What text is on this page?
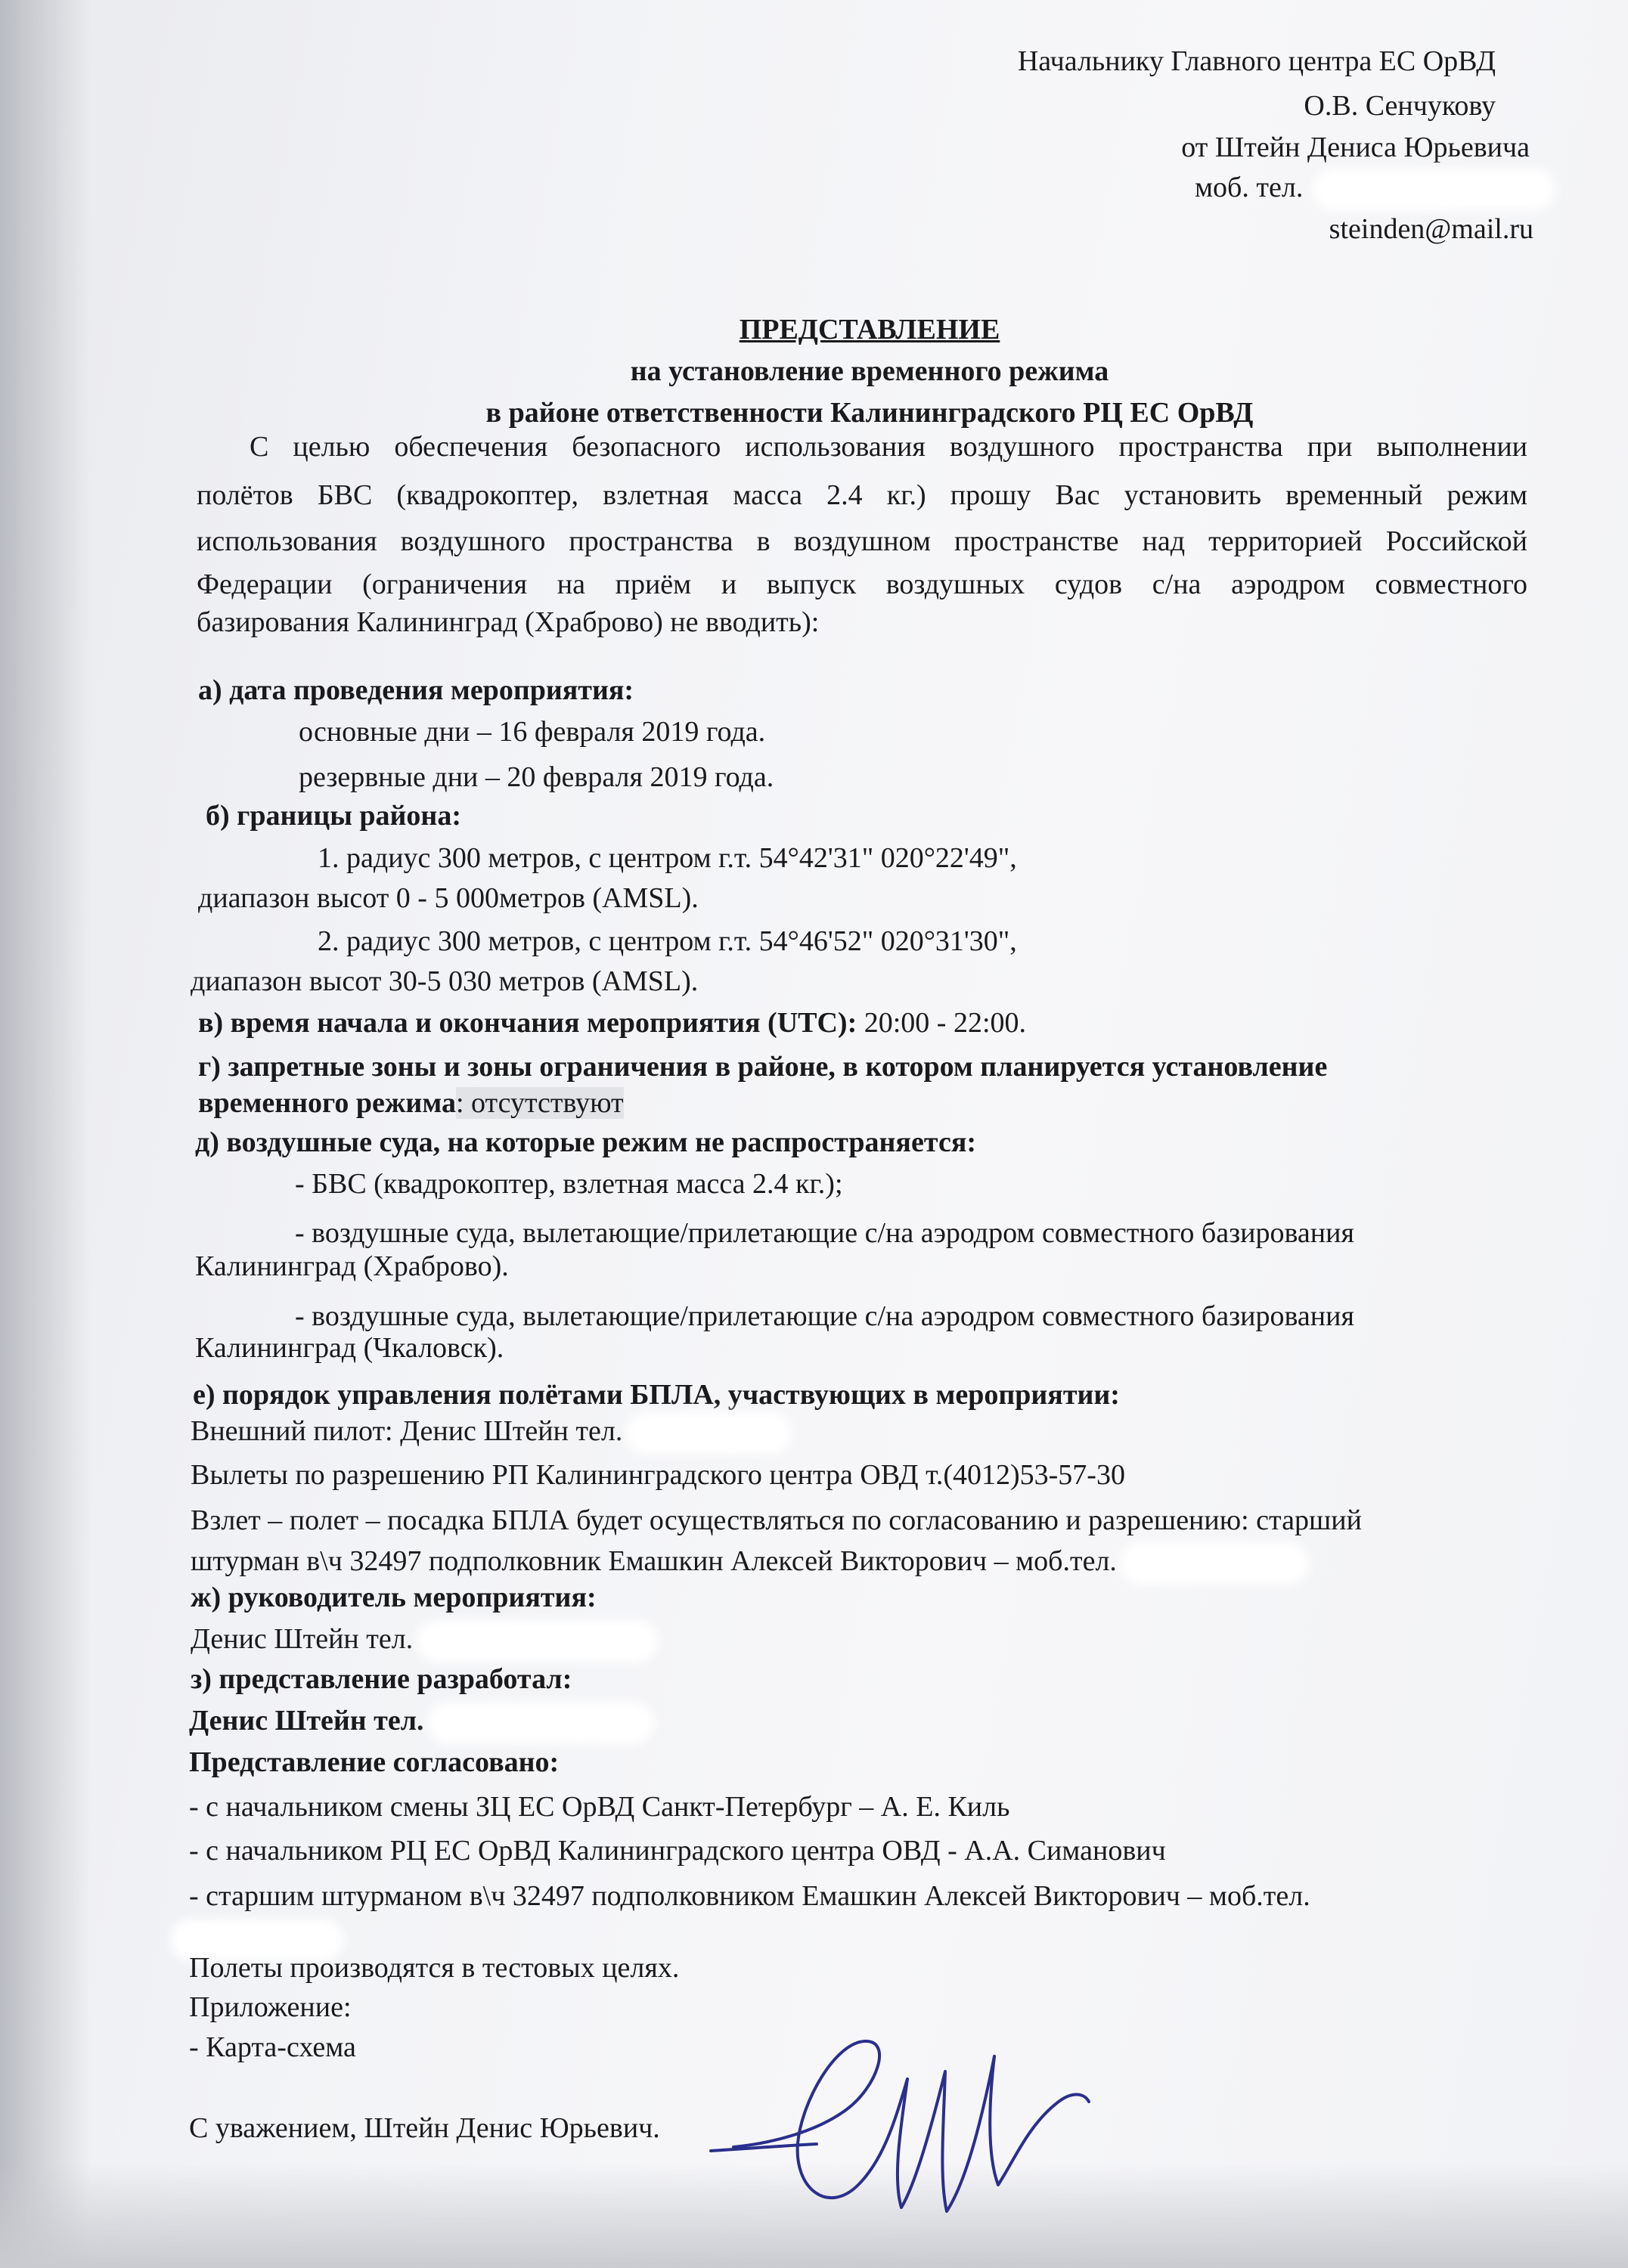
Начальнику Главного центра ЕС ОрВД
О.В. Сенчукову
от Штейн Дениса Юрьевича
моб. тел.
steinden@mail.ru
ПРЕДСТАВЛЕНИЕ
на установление временного режима
в районе ответственности Калининградского РЦ ЕС ОрВД
С целью обеспечения безопасного использования воздушного пространства при выполнении
полётов БВС (квадрокоптер, взлетная масса 2.4 кг.) прошу Вас установить временный режим
использования воздушного пространства в воздушном пространстве над территорией Российской
Федерации (ограничения на приём и выпуск воздушных судов с/на аэродром совместного
базирования Калининград (Храброво) не вводить):
а) дата проведения мероприятия:
основные дни – 16 февраля 2019 года.
резервные дни – 20 февраля 2019 года.
б) границы района:
1. радиус 300 метров, с центром г.т. 54°42'31" 020°22'49",
диапазон высот 0 - 5 000метров (AMSL).
2. радиус 300 метров, с центром г.т. 54°46'52" 020°31'30",
диапазон высот 30-5 030 метров (AMSL).
в) время начала и окончания мероприятия (UTC): 20:00 - 22:00.
г) запретные зоны и зоны ограничения в районе, в котором планируется установление
временного режима: отсутствуют
д) воздушные суда, на которые режим не распространяется:
- БВС (квадрокоптер, взлетная масса 2.4 кг.);
- воздушные суда, вылетающие/прилетающие с/на аэродром совместного базирования
Калининград (Храброво).
- воздушные суда, вылетающие/прилетающие с/на аэродром совместного базирования
Калининград (Чкаловск).
е) порядок управления полётами БПЛА, участвующих в мероприятии:
Внешний пилот: Денис Штейн тел.
Вылеты по разрешению РП Калининградского центра ОВД т.(4012)53-57-30
Взлет – полет – посадка БПЛА будет осуществляться по согласованию и разрешению: старший
штурман в\ч 32497 подполковник Емашкин Алексей Викторович – моб.тел.
ж) руководитель мероприятия:
Денис Штейн тел.
з) представление разработал:
Денис Штейн тел.
Представление согласовано:
- с начальником смены ЗЦ ЕС ОрВД Санкт-Петербург – А. Е. Киль
- с начальником РЦ ЕС ОрВД Калининградского центра ОВД - А.А. Симанович
- старшим штурманом в\ч 32497 подполковником Емашкин Алексей Викторович – моб.тел.
Полеты производятся в тестовых целях.
Приложение:
- Карта-схема
С уважением, Штейн Денис Юрьевич.
